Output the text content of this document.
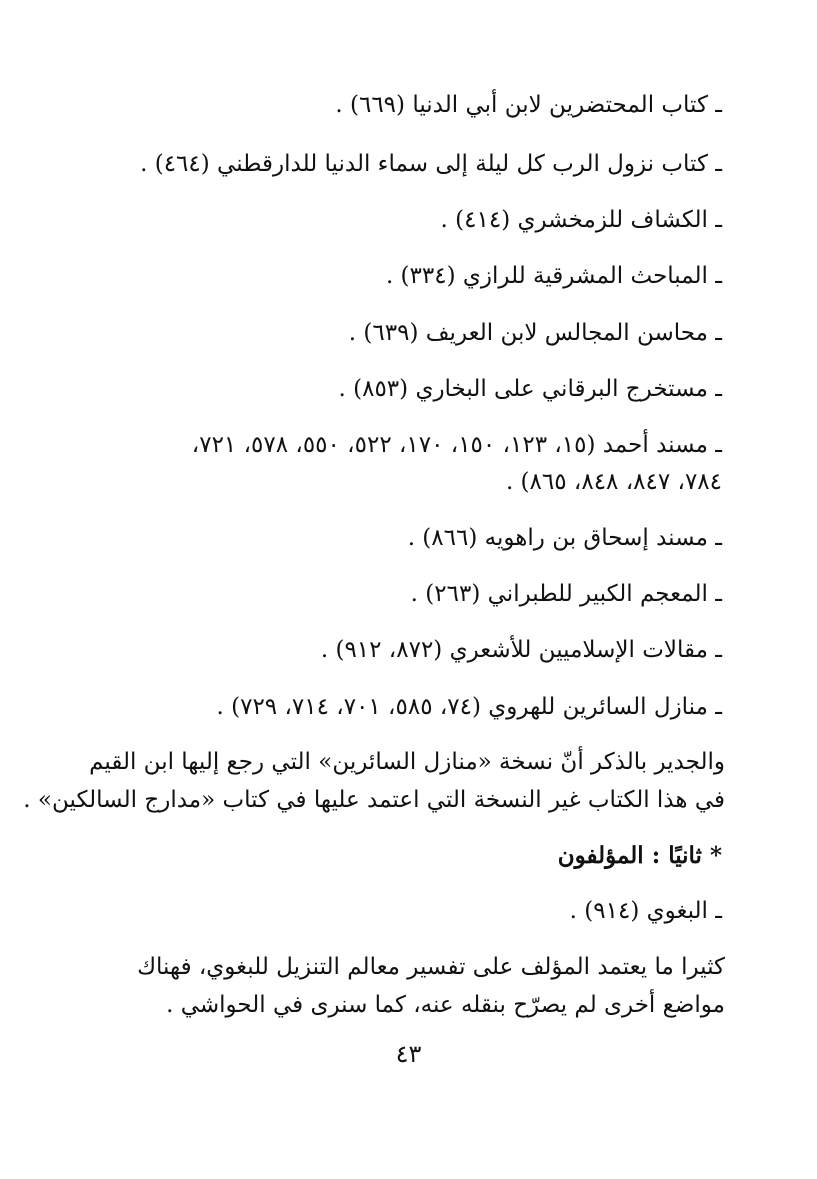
ـ كتاب المحتضرين لابن أبي الدنيا (٦٦٩) .
ـ كتاب نزول الرب كل ليلة إلى سماء الدنيا للدارقطني (٤٦٤) .
ـ الكشاف للزمخشري (٤١٤) .
ـ المباحث المشرقية للرازي (٣٣٤) .
ـ محاسن المجالس لابن العريف (٦٣٩) .
ـ مستخرج البرقاني على البخاري (٨٥٣) .
ـ مسند أحمد (١٥، ١٢٣، ١٥٠، ١٧٠، ٥٢٢، ٥٥٠، ٥٧٨، ٧٢١،
٧٨٤، ٨٤٧، ٨٤٨، ٨٦٥) .
ـ مسند إسحاق بن راهويه (٨٦٦) .
ـ المعجم الكبير للطبراني (٢٦٣) .
ـ مقالات الإسلاميين للأشعري (٨٧٢، ٩١٢) .
ـ منازل السائرين للهروي (٧٤، ٥٨٥، ٧٠١، ٧١٤، ٧٢٩) .
والجدير بالذكر أنّ نسخة «منازل السائرين» التي رجع إليها ابن القيم
في هذا الكتاب غير النسخة التي اعتمد عليها في كتاب «مدارج السالكين» .
* ثانيًا : المؤلفون
ـ البغوي (٩١٤) .
كثيرا ما يعتمد المؤلف على تفسير معالم التنزيل للبغوي، فهناك
مواضع أخرى لم يصرّح بنقله عنه، كما سنرى في الحواشي .
٤٣
